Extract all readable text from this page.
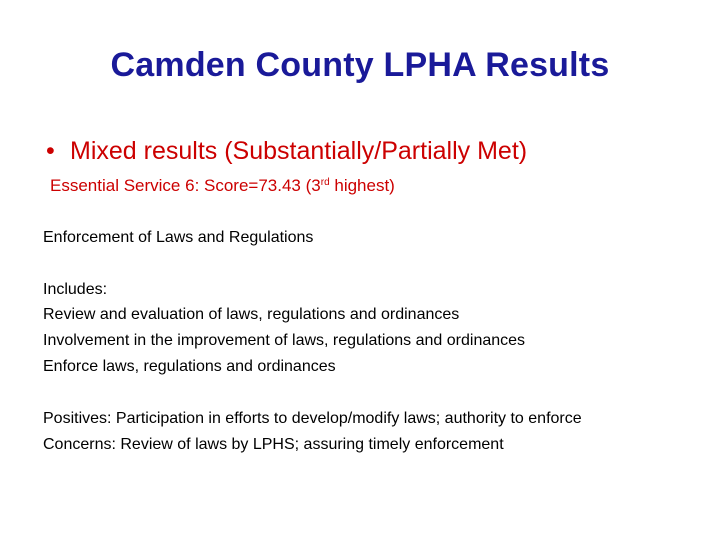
Camden County LPHA Results
• Mixed results (Substantially/Partially Met)
Essential Service 6: Score=73.43 (3rd highest)
Enforcement of Laws and Regulations
Includes:
Review and evaluation of laws, regulations and ordinances
Involvement in the improvement of laws, regulations and ordinances
Enforce laws, regulations and ordinances
Positives: Participation in efforts to develop/modify laws; authority to enforce
Concerns: Review of laws by LPHS; assuring timely enforcement
